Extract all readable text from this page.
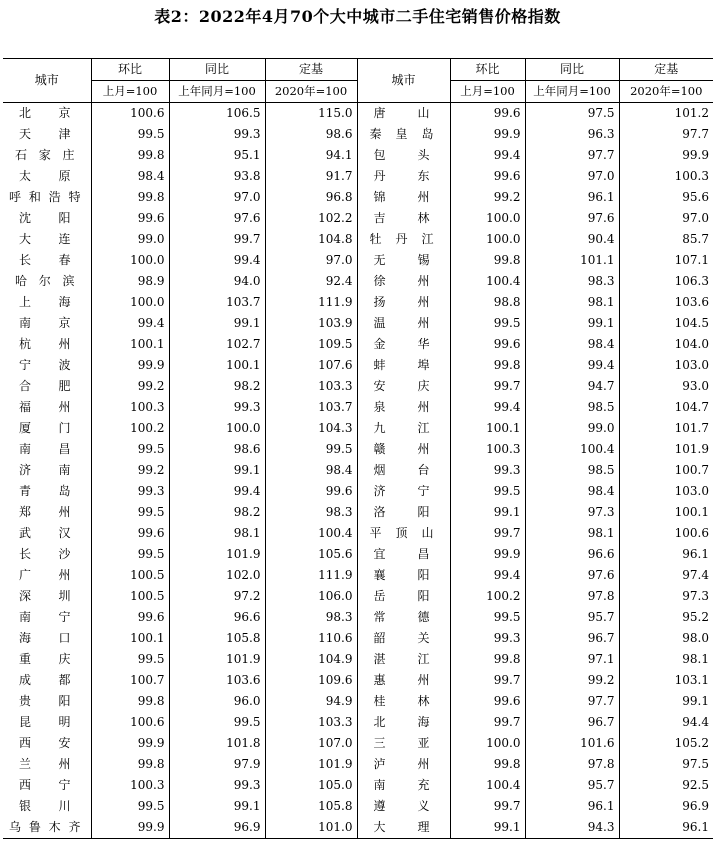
表2：2022年4月70个大中城市二手住宅销售价格指数
城市	环比	同比	定基	城市	环比	同比	定基
	上月=100	上年同月=100	2020年=100		上月=100	上年同月=100	2020年=100

北 京	100.6	106.5	115.0	唐 山	99.6	97.5	101.2

天 津	99.5	99.3	98.6	秦 皇 岛	99.9	96.3	97.7

石 家 庄	99.8	95.1	94.1	包 头	99.4	97.7	99.9

太 原	98.4	93.8	91.7	丹 东	99.6	97.0	100.3

呼 和 浩 特	99.8	97.0	96.8	锦 州	99.2	96.1	95.6

沈 阳	99.6	97.6	102.2	吉 林	100.0	97.6	97.0

大 连	99.0	99.7	104.8	牡 丹 江	100.0	90.4	85.7

长 春	100.0	99.4	97.0	无 锡	99.8	101.1	107.1

哈 尔 滨	98.9	94.0	92.4	徐 州	100.4	98.3	106.3

上 海	100.0	103.7	111.9	扬 州	98.8	98.1	103.6

南 京	99.4	99.1	103.9	温 州	99.5	99.1	104.5

杭 州	100.1	102.7	109.5	金 华	99.6	98.4	104.0

宁 波	99.9	100.1	107.6	蚌 埠	99.8	99.4	103.0

合 肥	99.2	98.2	103.3	安 庆	99.7	94.7	93.0

福 州	100.3	99.3	103.7	泉 州	99.4	98.5	104.7

厦 门	100.2	100.0	104.3	九 江	100.1	99.0	101.7

南 昌	99.5	98.6	99.5	赣 州	100.3	100.4	101.9

济 南	99.2	99.1	98.4	烟 台	99.3	98.5	100.7

青 岛	99.3	99.4	99.6	济 宁	99.5	98.4	103.0

郑 州	99.5	98.2	98.3	洛 阳	99.1	97.3	100.1

武 汉	99.6	98.1	100.4	平 顶 山	99.7	98.1	100.6

长 沙	99.5	101.9	105.6	宜 昌	99.9	96.6	96.1

广 州	100.5	102.0	111.9	襄 阳	99.4	97.6	97.4

深 圳	100.5	97.2	106.0	岳 阳	100.2	97.8	97.3

南 宁	99.6	96.6	98.3	常 德	99.5	95.7	95.2

海 口	100.1	105.8	110.6	韶 关	99.3	96.7	98.0

重 庆	99.5	101.9	104.9	湛 江	99.8	97.1	98.1

成 都	100.7	103.6	109.6	惠 州	99.7	99.2	103.1

贵 阳	99.8	96.0	94.9	桂 林	99.6	97.7	99.1

昆 明	100.6	99.5	103.3	北 海	99.7	96.7	94.4

西 安	99.9	101.8	107.0	三 亚	100.0	101.6	105.2

兰 州	99.8	97.9	101.9	泸 州	99.8	97.8	97.5

西 宁	100.3	99.3	105.0	南 充	100.4	95.7	92.5

银 川	99.5	99.1	105.8	遵 义	99.7	96.1	96.9

乌 鲁 木 齐	99.9	96.9	101.0	大 理	99.1	94.3	96.1
